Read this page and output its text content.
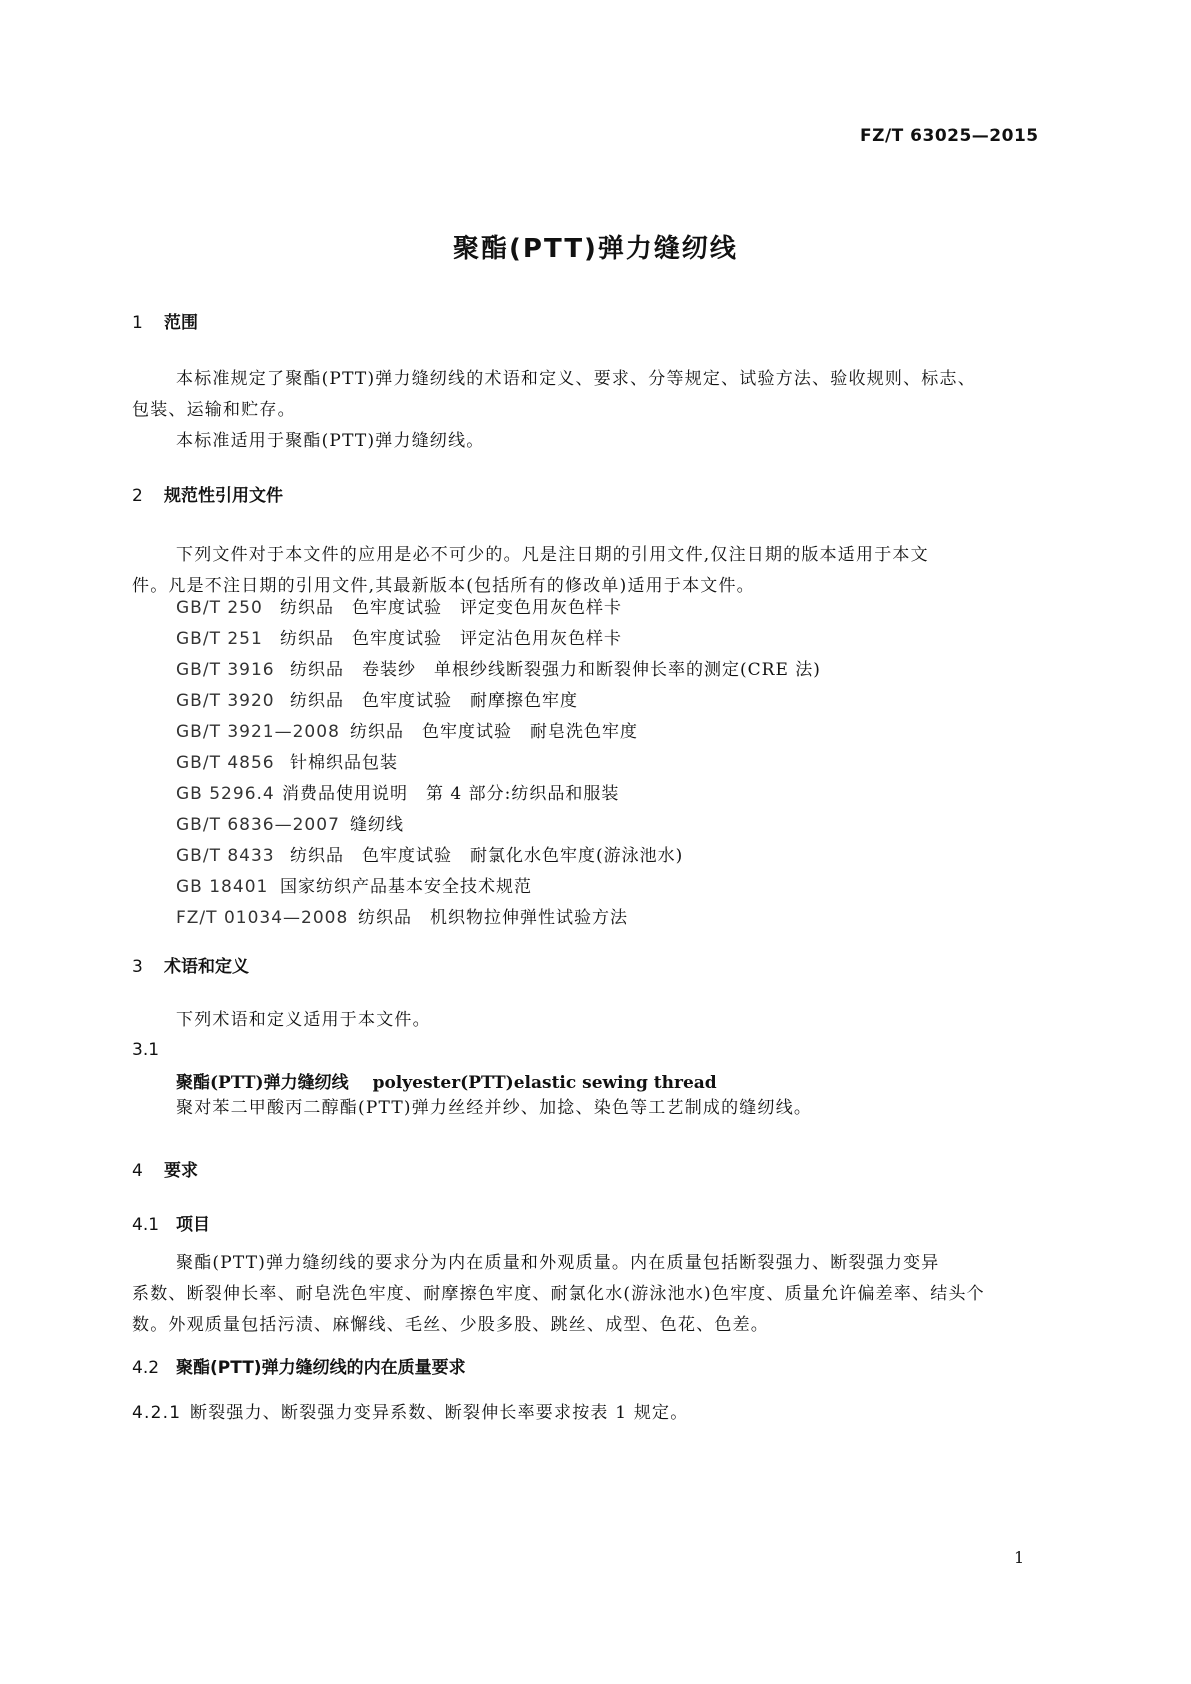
FZ/T 63025—2015
聚酯(PTT)弹力缝纫线
1 范围

本标准规定了聚酯(PTT)弹力缝纫线的术语和定义、要求、分等规定、试验方法、验收规则、标志、

包装、运输和贮存。

本标准适用于聚酯(PTT)弹力缝纫线。

2 规范性引用文件

下列文件对于本文件的应用是必不可少的。凡是注日期的引用文件,仅注日期的版本适用于本文

件。凡是不注日期的引用文件,其最新版本(包括所有的修改单)适用于本文件。

GB/T 250	纺织品　色牢度试验　评定变色用灰色样卡
GB/T 251	纺织品　色牢度试验　评定沾色用灰色样卡
GB/T 3916 纺织品　卷装纱　单根纱线断裂强力和断裂伸长率的测定(CRE 法)
GB/T 3920 纺织品　色牢度试验　耐摩擦色牢度
GB/T 3921—2008 纺织品　色牢度试验　耐皂洗色牢度
GB/T 4856 针棉织品包装
GB 5296.4 消费品使用说明　第 4 部分:纺织品和服装
GB/T 6836—2007 缝纫线
GB/T 8433 纺织品　色牢度试验　耐氯化水色牢度(游泳池水)
GB 18401 国家纺织产品基本安全技术规范
FZ/T 01034—2008 纺织品　机织物拉伸弹性试验方法
3 术语和定义
下列术语和定义适用于本文件。
3.1
聚酯(PTT)弹力缝纫线 polyester(PTT)elastic sewing thread
聚对苯二甲酸丙二醇酯(PTT)弹力丝经并纱、加捻、染色等工艺制成的缝纫线。
4 要求
4.1 项目

聚酯(PTT)弹力缝纫线的要求分为内在质量和外观质量。内在质量包括断裂强力、断裂强力变异

系数、断裂伸长率、耐皂洗色牢度、耐摩擦色牢度、耐氯化水(游泳池水)色牢度、质量允许偏差率、结头个

数。外观质量包括污渍、麻懈线、毛丝、少股多股、跳丝、成型、色花、色差。

4.2 聚酯(PTT)弹力缝纫线的内在质量要求
4.2.1 断裂强力、断裂强力变异系数、断裂伸长率要求按表 1 规定。
1
